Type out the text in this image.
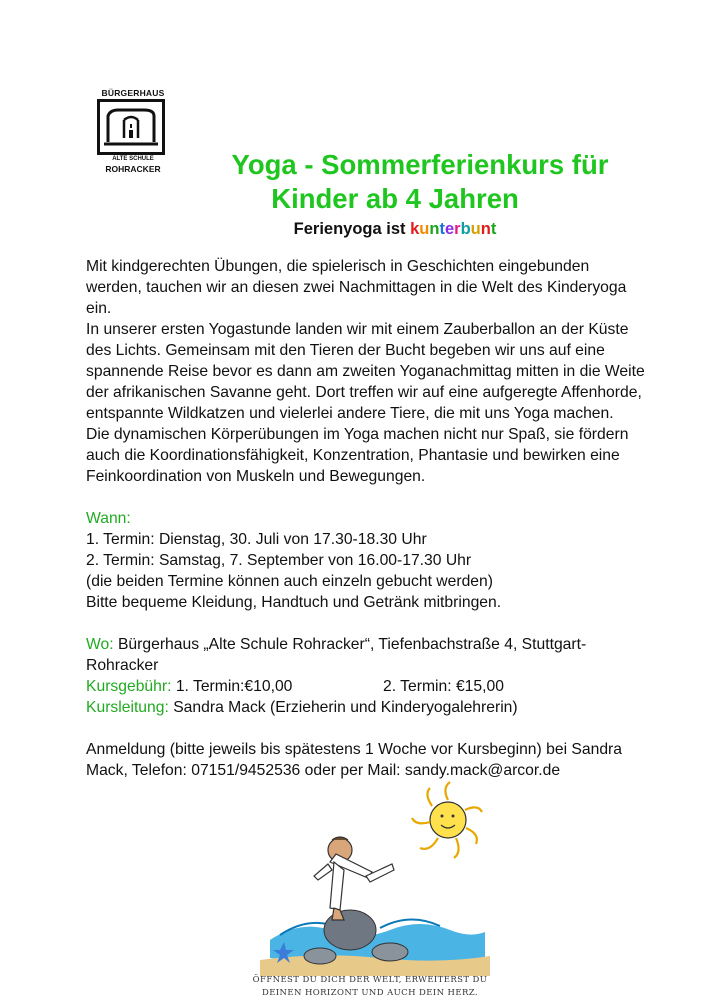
BÜRGERHAUS
ALTE SCHULE
ROHRACKER	Yoga - Sommerferienkurs für
Kinder ab 4 Jahren
Ferienyoga ist kunterbunt

Mit kindgerechten Übungen, die spielerisch in Geschichten eingebunden werden, tauchen wir an diesen zwei Nachmittagen in die Welt des Kinderyoga ein.

In unserer ersten Yogastunde landen wir mit einem Zauberballon an der Küste des Lichts. Gemeinsam mit den Tieren der Bucht begeben wir uns auf eine spannende Reise bevor es dann am zweiten Yoganachmittag mitten in die Weite der afrikanischen Savanne geht. Dort treffen wir auf eine aufgeregte Affenhorde, entspannte Wildkatzen und vielerlei andere Tiere, die mit uns Yoga machen.

Die dynamischen Körperübungen im Yoga machen nicht nur Spaß, sie fördern auch die Koordinationsfähigkeit, Konzentration, Phantasie und bewirken eine Feinkoordination von Muskeln und Bewegungen.

Wann:

1. Termin: Dienstag, 30. Juli von 17.30-18.30 Uhr

2. Termin: Samstag, 7. September von 16.00-17.30 Uhr

(die beiden Termine können auch einzeln gebucht werden)

Bitte bequeme Kleidung, Handtuch und Getränk mitbringen.

Wo: Bürgerhaus „Alte Schule Rohracker“, Tiefenbachstraße 4, Stuttgart-Rohracker

Kursgebühr: 1. Termin:€10,00	2. Termin: €15,00

Kursleitung: Sandra Mack (Erzieherin und Kinderyogalehrerin)

Anmeldung (bitte jeweils bis spätestens 1 Woche vor Kursbeginn) bei Sandra Mack, Telefon: 07151/9452536 oder per Mail: sandy.mack@arcor.de

ÖFFNEST DU DICH DER WELT, ERWEITERST DU
DEINEN HORIZONT UND AUCH DEIN HERZ.
